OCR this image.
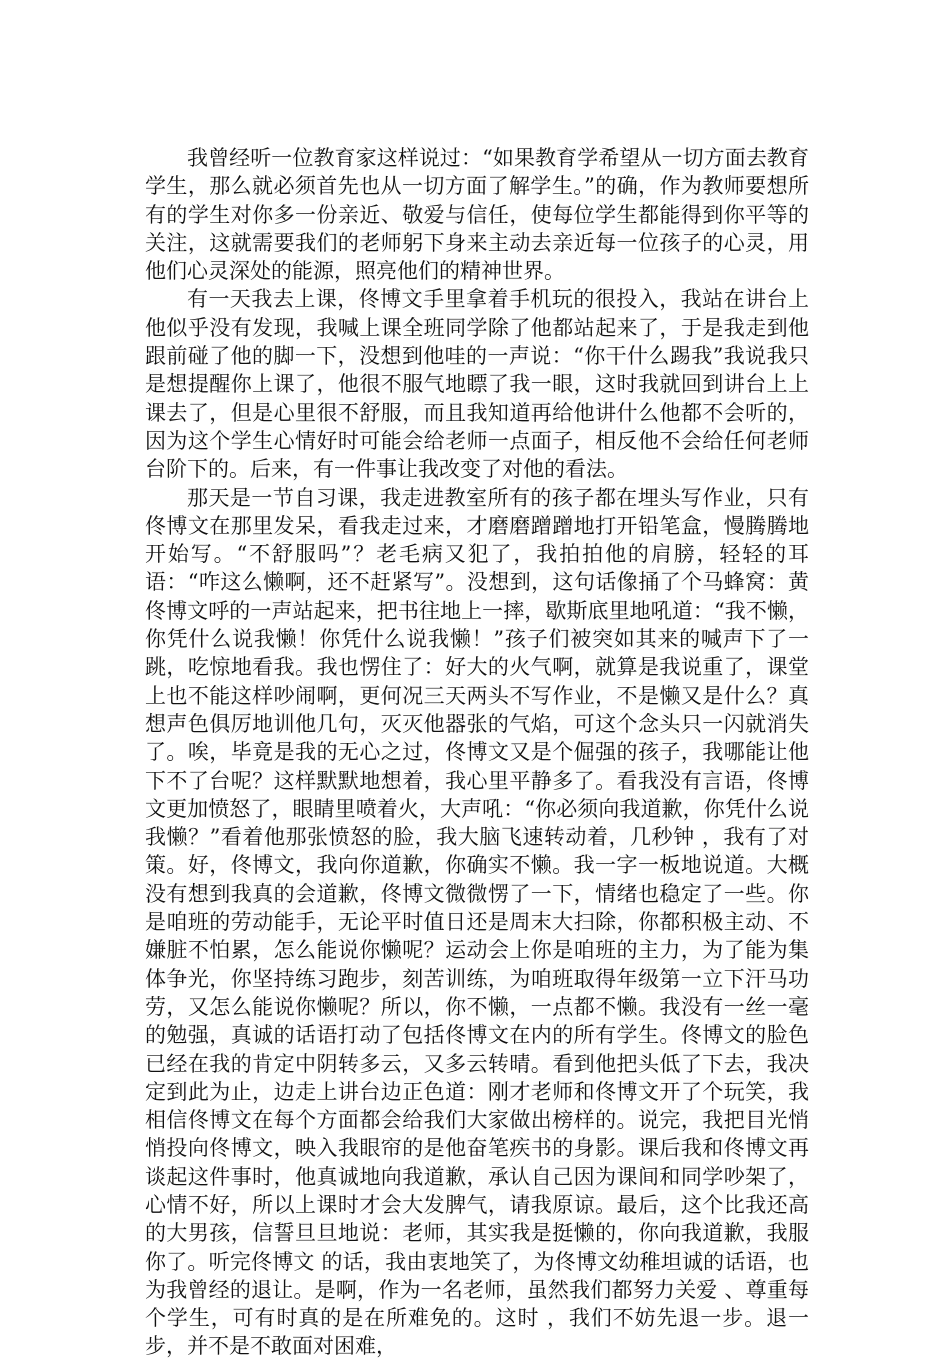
我曾经听一位教育家这样说过：“如果教育学希望从一切方面去教育学生，那么就必须首先也从一切方面了解学生。”的确，作为教师要想所有的学生对你多一份亲近、敬爱与信任，使每位学生都能得到你平等的关注，这就需要我们的老师躬下身来主动去亲近每一位孩子的心灵，用他们心灵深处的能源，照亮他们的精神世界。

有一天我去上课，佟博文手里拿着手机玩的很投入，我站在讲台上他似乎没有发现，我喊上课全班同学除了他都站起来了，于是我走到他跟前碰了他的脚一下，没想到他哇的一声说：“你干什么踢我”我说我只是想提醒你上课了，他很不服气地瞟了我一眼，这时我就回到讲台上上课去了，但是心里很不舒服，而且我知道再给他讲什么他都不会听的，因为这个学生心情好时可能会给老师一点面子，相反他不会给任何老师台阶下的。后来，有一件事让我改变了对他的看法。

那天是一节自习课，我走进教室所有的孩子都在埋头写作业，只有佟博文在那里发呆，看我走过来，才磨磨蹭蹭地打开铅笔盒，慢腾腾地开始写。“不舒服吗”？老毛病又犯了，我拍拍他的肩膀，轻轻的耳语：“咋这么懒啊，还不赶紧写”。没想到，这句话像捅了个马蜂窝：黄佟博文呼的一声站起来，把书往地上一摔，歇斯底里地吼道：“我不懒，你凭什么说我懒！你凭什么说我懒！”孩子们被突如其来的喊声下了一跳，吃惊地看我。我也愣住了：好大的火气啊，就算是我说重了，课堂上也不能这样吵闹啊，更何况三天两头不写作业，不是懒又是什么？真想声色俱厉地训他几句，灭灭他器张的气焰，可这个念头只一闪就消失了。唉，毕竟是我的无心之过，佟博文又是个倔强的孩子，我哪能让他下不了台呢？这样默默地想着，我心里平静多了。看我没有言语，佟博文更加愤怒了，眼睛里喷着火，大声吼：“你必须向我道歉，你凭什么说我懒？”看着他那张愤怒的脸，我大脑飞速转动着，几秒钟 ，我有了对策。好，佟博文，我向你道歉，你确实不懒。我一字一板地说道。大概没有想到我真的会道歉，佟博文微微愣了一下，情绪也稳定了一些。你是咱班的劳动能手，无论平时值日还是周末大扫除，你都积极主动、不嫌脏不怕累，怎么能说你懒呢？运动会上你是咱班的主力，为了能为集体争光，你坚持练习跑步，刻苦训练，为咱班取得年级第一立下汗马功劳，又怎么能说你懒呢？所以，你不懒，一点都不懒。我没有一丝一毫的勉强，真诚的话语打动了包括佟博文在内的所有学生。佟博文的脸色已经在我的肯定中阴转多云，又多云转晴。看到他把头低了下去，我决定到此为止，边走上讲台边正色道：刚才老师和佟博文开了个玩笑，我相信佟博文在每个方面都会给我们大家做出榜样的。说完，我把目光悄悄投向佟博文，映入我眼帘的是他奋笔疾书的身影。课后我和佟博文再谈起这件事时，他真诚地向我道歉，承认自己因为课间和同学吵架了，心情不好，所以上课时才会大发脾气，请我原谅。最后，这个比我还高的大男孩，信誓旦旦地说：老师，其实我是挺懒的，你向我道歉，我服你了。听完佟博文 的话，我由衷地笑了，为佟博文幼稚坦诚的话语，也为我曾经的退让。是啊，作为一名老师，虽然我们都努力关爱 、尊重每个学生，可有时真的是在所难免的。这时 ，我们不妨先退一步。退一步，并不是不敢面对困难，
